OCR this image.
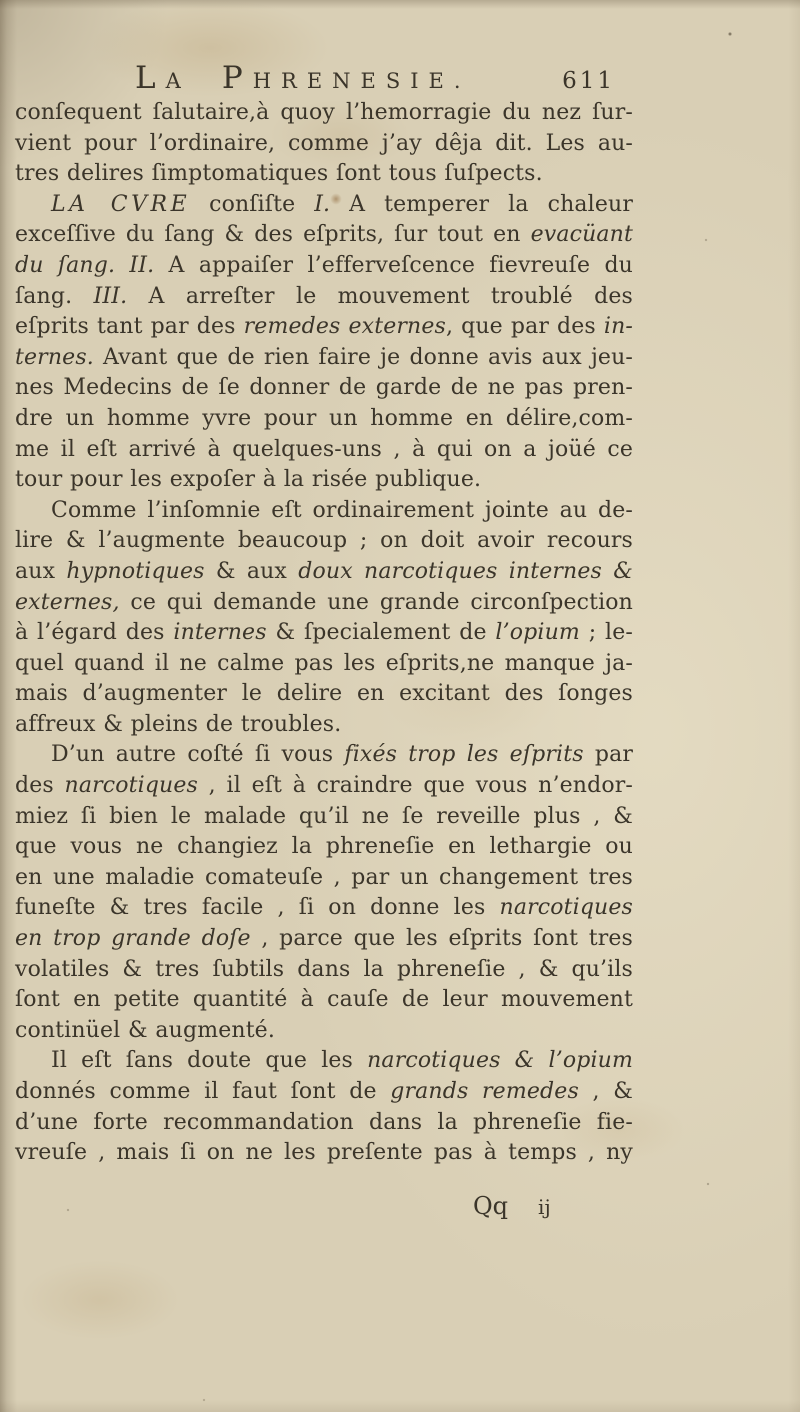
LA PHRENESIE.	611
conſequent ſalutaire,à quoy l’hemorragie du nez ſur-
vient pour l’ordinaire, comme j’ay dêja dit. Les au-
tres delires ſimptomatiques ſont tous ſuſpects.
LA CVRE conſiſte I. A temperer la chaleur
exceſſive du ſang & des eſprits, ſur tout en evacüant
du ſang. II. A appaiſer l’efferveſcence fievreuſe du
ſang. III. A arreſter le mouvement troublé des
eſprits tant par des remedes externes, que par des in-
ternes. Avant que de rien faire je donne avis aux jeu-
nes Medecins de ſe donner de garde de ne pas pren-
dre un homme yvre pour un homme en délire,com-
me il eſt arrivé à quelques-uns , à qui on a joüé ce
tour pour les expoſer à la risée publique.
Comme l’inſomnie eſt ordinairement jointe au de-
lire & l’augmente beaucoup ; on doit avoir recours
aux hypnotiques & aux doux narcotiques internes &
externes, ce qui demande une grande circonſpection
à l’égard des internes & ſpecialement de l’opium ; le-
quel quand il ne calme pas les eſprits,ne manque ja-
mais d’augmenter le delire en excitant des ſonges
affreux & pleins de troubles.
D’un autre coſté ſi vous fixés trop les eſprits par
des narcotiques , il eſt à craindre que vous n’endor-
miez ſi bien le malade qu’il ne ſe reveille plus , &
que vous ne changiez la phreneſie en lethargie ou
en une maladie comateuſe , par un changement tres
funeſte & tres facile , ſi on donne les narcotiques
en trop grande doſe , parce que les eſprits ſont tres
volatiles & tres ſubtils dans la phreneſie , & qu’ils
ſont en petite quantité à cauſe de leur mouvement
continüel & augmenté.
Il eſt ſans doute que les narcotiques & l’opium
donnés comme il faut ſont de grands remedes , &
d’une forte recommandation dans la phreneſie fie-
vreuſe , mais ſi on ne les preſente pas à temps , ny
Qq ij
